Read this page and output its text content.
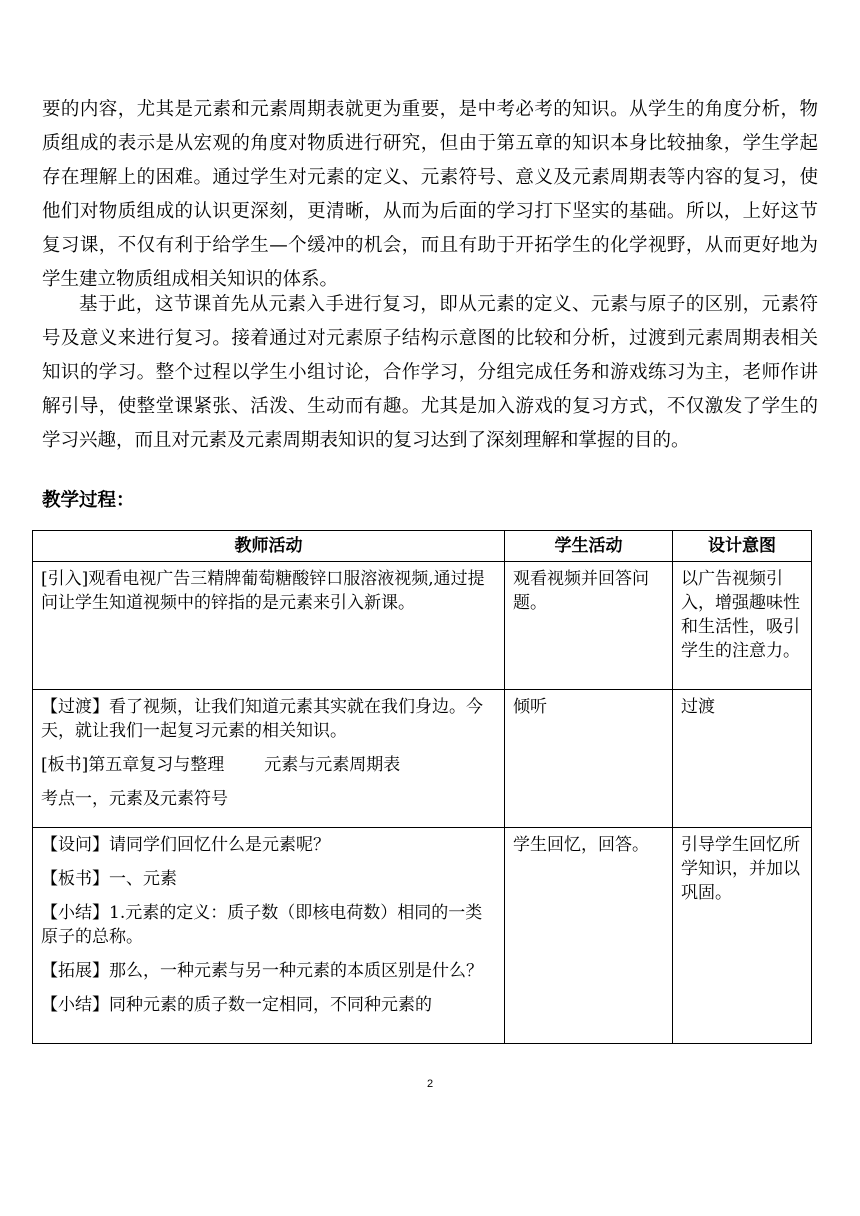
要的内容，尤其是元素和元素周期表就更为重要，是中考必考的知识。从学生的角度分析，物质组成的表示是从宏观的角度对物质进行研究，但由于第五章的知识本身比较抽象，学生学起存在理解上的困难。通过学生对元素的定义、元素符号、意义及元素周期表等内容的复习，使他们对物质组成的认识更深刻，更清晰，从而为后面的学习打下坚实的基础。所以，上好这节复习课，不仅有利于给学生—个缓冲的机会，而且有助于开拓学生的化学视野，从而更好地为学生建立物质组成相关知识的体系。

基于此，这节课首先从元素入手进行复习，即从元素的定义、元素与原子的区别，元素符号及意义来进行复习。接着通过对元素原子结构示意图的比较和分析，过渡到元素周期表相关知识的学习。整个过程以学生小组讨论，合作学习，分组完成任务和游戏练习为主，老师作讲解引导，使整堂课紧张、活泼、生动而有趣。尤其是加入游戏的复习方式，不仅激发了学生的学习兴趣，而且对元素及元素周期表知识的复习达到了深刻理解和掌握的目的。

教学过程：

教师活动	学生活动	设计意图

[引入]观看电视广告三精牌葡萄糖酸锌口服溶液视频,通过提问让学生知道视频中的锌指的是元素来引入新课。	观看视频并回答问题。	以广告视频引入，增强趣味性和生活性，吸引学生的注意力。

【过渡】看了视频，让我们知道元素其实就在我们身边。今天，就让我们一起复习元素的相关知识。

[板书]第五章复习与整理 元素与元素周期表

考点一，元素及元素符号	倾听	过渡

【设问】请同学们回忆什么是元素呢？

【板书】一、元素

【小结】1.元素的定义：质子数（即核电荷数）相同的一类原子的总称。

【拓展】那么，一种元素与另一种元素的本质区别是什么？

【小结】同种元素的质子数一定相同，不同种元素的	学生回忆，回答。	引导学生回忆所学知识，并加以巩固。
2
